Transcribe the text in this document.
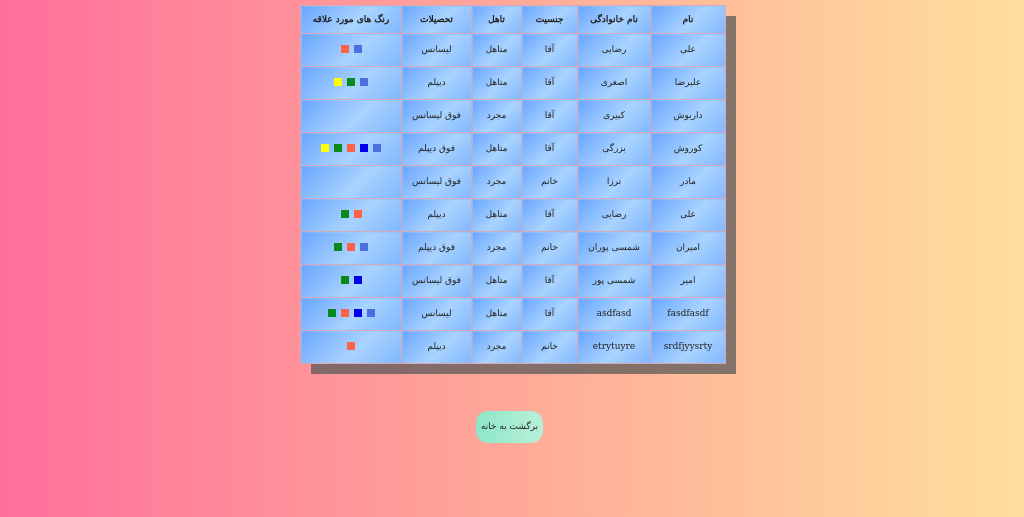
نام	نام خانوادگی	جنسیت	تاهل	تحصیلات	رنگ های مورد علاقه
علی	رضایی	آقا	متاهل	لیسانس	

علیرضا	اصغری	آقا	متاهل	دیپلم	

داریوش	کبیری	آقا	مجرد	فوق لیسانس	
کوروش	بزرگی	آقا	متاهل	فوق دیپلم	

مادر	ترزا	خانم	مجرد	فوق لیسانس	
علی	رضایی	آقا	متاهل	دیپلم	

امیران	شمسی پوران	خانم	مجرد	فوق دیپلم	

امیر	شمسی پور	آقا	متاهل	فوق لیسانس	

fasdfasdf	asdfasd	آقا	متاهل	لیسانس	

srdfjyysrty	etrytuyre	خانم	مجرد	دیپلم	
برگشت به خانه
